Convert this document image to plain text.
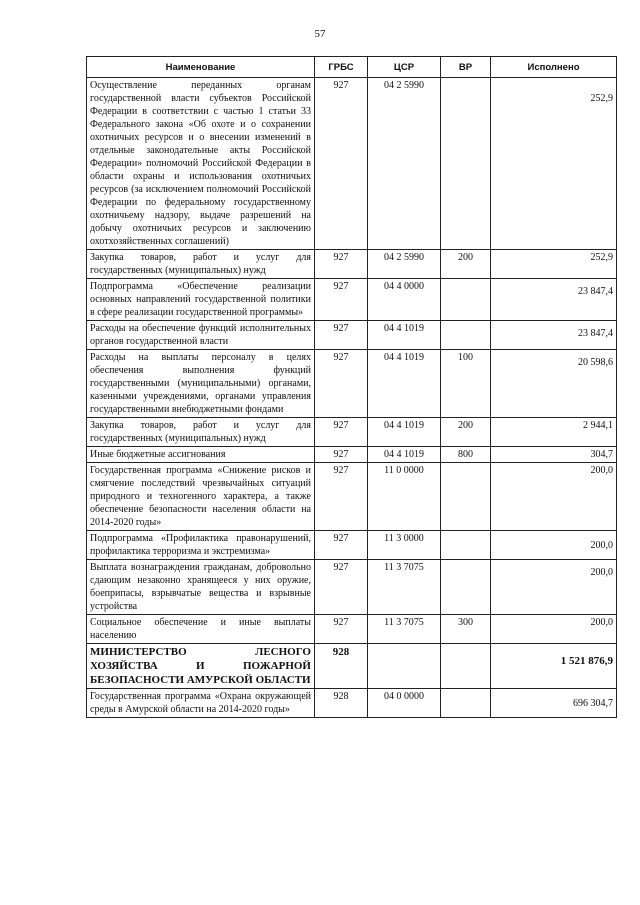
57
Наименование	ГРБС	ЦСР	ВР	Исполнено
Осуществление переданных органам государственной власти субъектов Российской Федерации в соответствии с частью 1 статьи 33 Федерального закона «Об охоте и о сохранении охотничьих ресурсов и о внесении изменений в отдельные законодательные акты Российской Федерации» полномочий Российской Федерации в области охраны и использования охотничьих ресурсов (за исключением полномочий Российской Федерации по федеральному государственному охотничьему надзору, выдаче разрешений на добычу охотничьих ресурсов и заключению охотхозяйственных соглашений)	927	04 2 5990		252,9
Закупка товаров, работ и услуг для государственных (муниципальных) нужд	927	04 2 5990	200	252,9
Подпрограмма «Обеспечение реализации основных направлений государственной политики в сфере реализации государственной программы»	927	04 4 0000		23 847,4
Расходы на обеспечение функций исполнительных органов государственной власти	927	04 4 1019		23 847,4
Расходы на выплаты персоналу в целях обеспечения выполнения функций государственными (муниципальными) органами, казенными учреждениями, органами управления государственными внебюджетными фондами	927	04 4 1019	100	20 598,6
Закупка товаров, работ и услуг для государственных (муниципальных) нужд	927	04 4 1019	200	2 944,1
Иные бюджетные ассигнования	927	04 4 1019	800	304,7
Государственная программа «Снижение рисков и смягчение последствий чрезвычайных ситуаций природного и техногенного характера, а также обеспечение безопасности населения области на 2014-2020 годы»	927	11 0 0000		200,0
Подпрограмма «Профилактика правонарушений, профилактика терроризма и экстремизма»	927	11 3 0000		200,0
Выплата вознаграждения гражданам, добровольно сдающим незаконно хранящееся у них оружие, боеприпасы, взрывчатые вещества и взрывные устройства	927	11 3 7075		200,0
Социальное обеспечение и иные выплаты населению	927	11 3 7075	300	200,0
МИНИСТЕРСТВО ЛЕСНОГО ХОЗЯЙСТВА И ПОЖАРНОЙ БЕЗОПАСНОСТИ АМУРСКОЙ ОБЛАСТИ	928			1 521 876,9
Государственная программа «Охрана окружающей среды в Амурской области на 2014-2020 годы»	928	04 0 0000		696 304,7
